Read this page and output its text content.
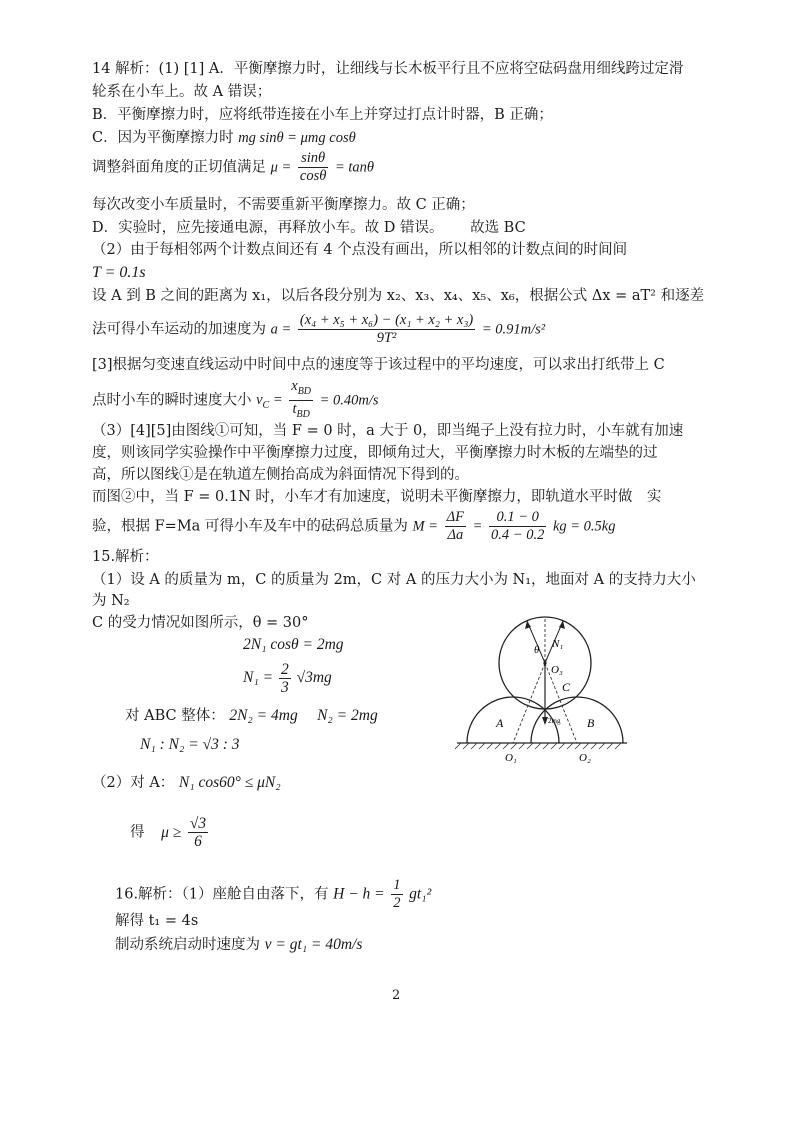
14 解析：(1) [1] A．平衡摩擦力时，让细线与长木板平行且不应将空砝码盘用细线跨过定滑
轮系在小车上。故 A 错误；
B．平衡摩擦力时，应将纸带连接在小车上并穿过打点计时器，B 正确；
C．因为平衡摩擦力时 mg sinθ = μmg cosθ
调整斜面角度的正切值满足 $\mu = \frac{\sin\theta}{\cos\theta} = \tan\theta$
每次改变小车质量时，不需要重新平衡摩擦力。故 C 正确；
D．实验时，应先接通电源，再释放小车。故 D 错误。 故选 BC
（2）由于每相邻两个计数点间还有 4 个点没有画出，所以相邻的计数点间的时间间
T = 0.1s
设 A 到 B 之间的距离为 x₁，以后各段分别为 x₂、x₃、x₄、x₅、x₆，根据公式 Δx = aT² 和逐差
法可得小车运动的加速度为 $a = \frac{\text{(x₄ + x₅ + x₆) − (x₁ + x₂ + x₃)}}{\text{9T²}} = 0.91m/s^2$
[3]根据匀变速直线运动中时间中点的速度等于该过程中的平均速度，可以求出打纸带上 C
点时小车的瞬时速度大小 $v_C = \frac{x_{BD}}{t_{BD}} = 0.40m/s$
（3）[4][5]由图线①可知，当 F = 0 时，a 大于 0，即当绳子上没有拉力时，小车就有加速
度，则该同学实验操作中平衡摩擦力过度，即倾角过大，平衡摩擦力时木板的左端垫的过
高，所以图线①是在轨道左侧抬高成为斜面情况下得到的。
而图②中，当 F = 0.1N 时，小车才有加速度，说明未平衡摩擦力，即轨道水平时做　实
验，根据 F=Ma 可得小车及车中的砝码总质量为 $M = \frac{\Delta F}{\Delta a} = \frac{0.1 - 0}{0.4 - 0.2}$ kg = 0.5kg
15.解析：
（1）设 A 的质量为 m，C 的质量为 2m，C 对 A 的压力大小为 N₁，地面对 A 的支持力大小
为 N₂
C 的受力情况如图所示，θ = 30°
2N₁ cosθ = 2mg
$N_1 = \frac{2}{3} √3mg$
对 ABC 整体： 2N₂ = 4mg　 N₂ = 2mg
N₁ : N₂ = √3 : 3
（2）对 A： N₁ cos60° ≤ μN₂
得 $\mu \ge \frac{√3}{6}$
16.解析：（1）座舱自由落下，有 $H - h = \frac{1}{2} gt_1^2$
解得 t₁ = 4s
制动系统启动时速度为 v = gt₁ = 40m/s
2
θ N₁
O₃
C
A	B
2mg
O₁	O₂
